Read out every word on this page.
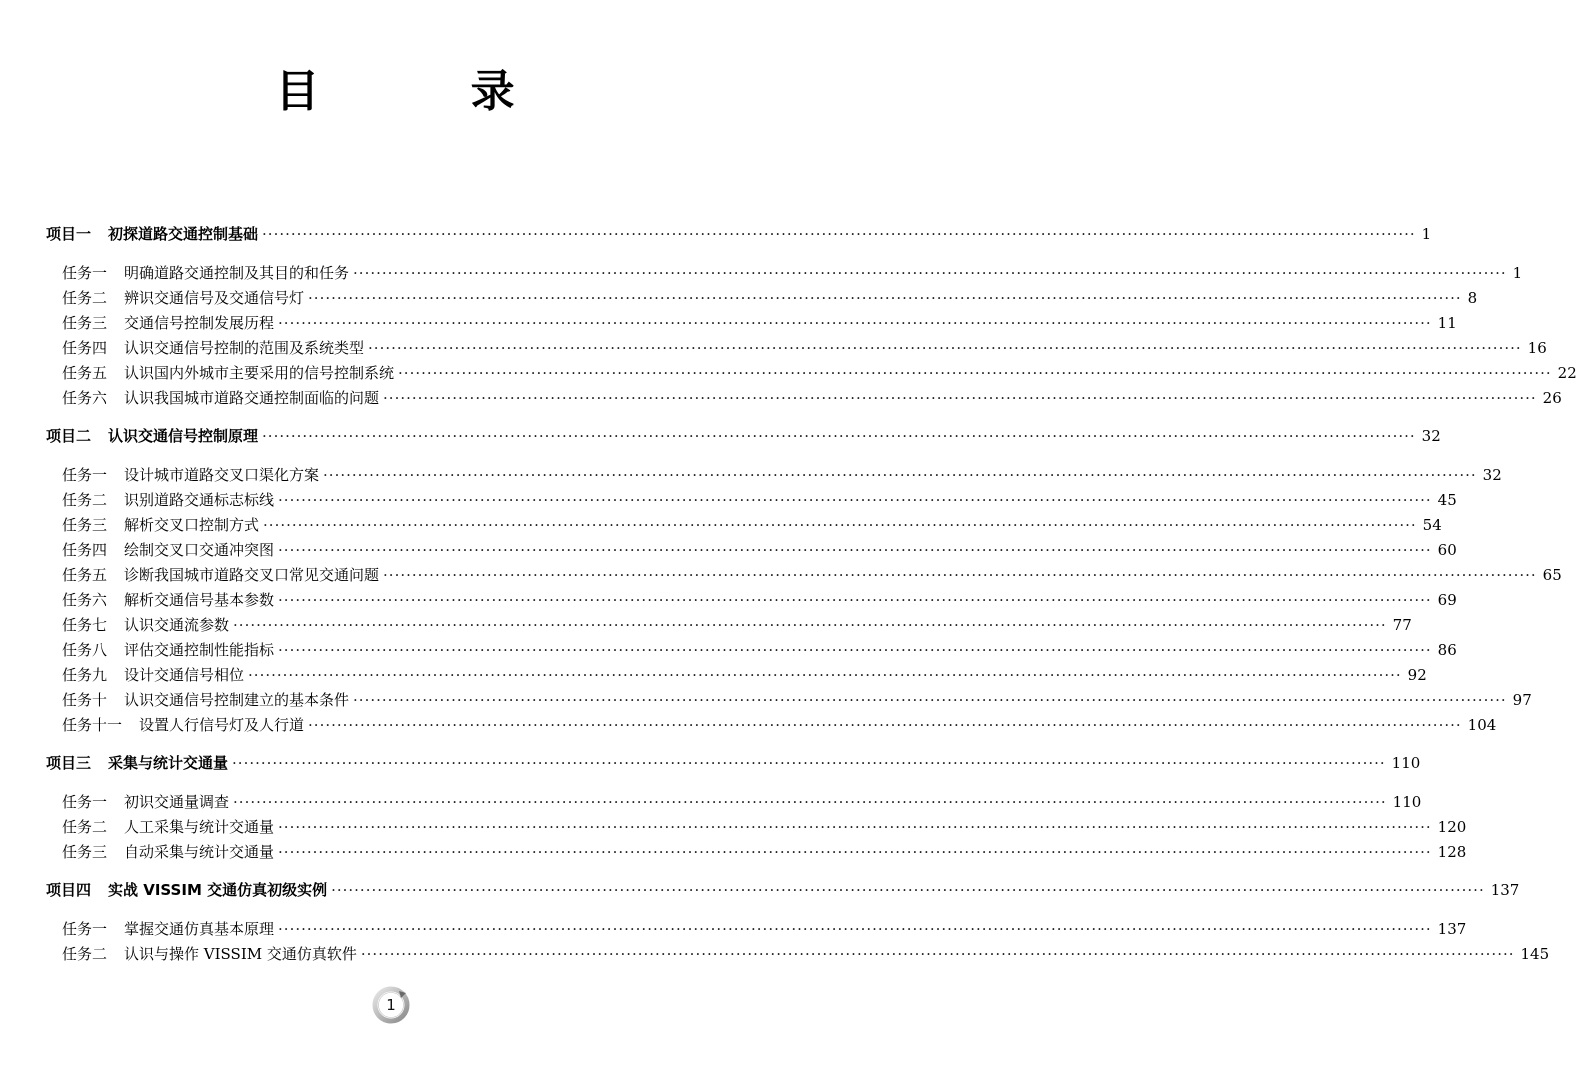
目 录
项目一 初探道路交通控制基础 ········································································································································································································ 1
任务一 明确道路交通控制及其目的和任务 ········································································································································································································ 1
任务二 辨识交通信号及交通信号灯 ········································································································································································································ 8
任务三 交通信号控制发展历程 ········································································································································································································ 11
任务四 认识交通信号控制的范围及系统类型 ········································································································································································································ 16
任务五 认识国内外城市主要采用的信号控制系统 ········································································································································································································ 22
任务六 认识我国城市道路交通控制面临的问题 ········································································································································································································ 26
项目二 认识交通信号控制原理 ········································································································································································································ 32
任务一 设计城市道路交叉口渠化方案 ········································································································································································································ 32
任务二 识别道路交通标志标线 ········································································································································································································ 45
任务三 解析交叉口控制方式 ········································································································································································································ 54
任务四 绘制交叉口交通冲突图 ········································································································································································································ 60
任务五 诊断我国城市道路交叉口常见交通问题 ········································································································································································································ 65
任务六 解析交通信号基本参数 ········································································································································································································ 69
任务七 认识交通流参数 ········································································································································································································ 77
任务八 评估交通控制性能指标 ········································································································································································································ 86
任务九 设计交通信号相位 ········································································································································································································ 92
任务十 认识交通信号控制建立的基本条件 ········································································································································································································ 97
任务十一 设置人行信号灯及人行道 ········································································································································································································ 104
项目三 采集与统计交通量 ········································································································································································································ 110
任务一 初识交通量调查 ········································································································································································································ 110
任务二 人工采集与统计交通量 ········································································································································································································ 120
任务三 自动采集与统计交通量 ········································································································································································································ 128
项目四 实战 VISSIM 交通仿真初级实例 ········································································································································································································ 137
任务一 掌握交通仿真基本原理 ········································································································································································································ 137
任务二 认识与操作 VISSIM 交通仿真软件 ········································································································································································································ 145
1
